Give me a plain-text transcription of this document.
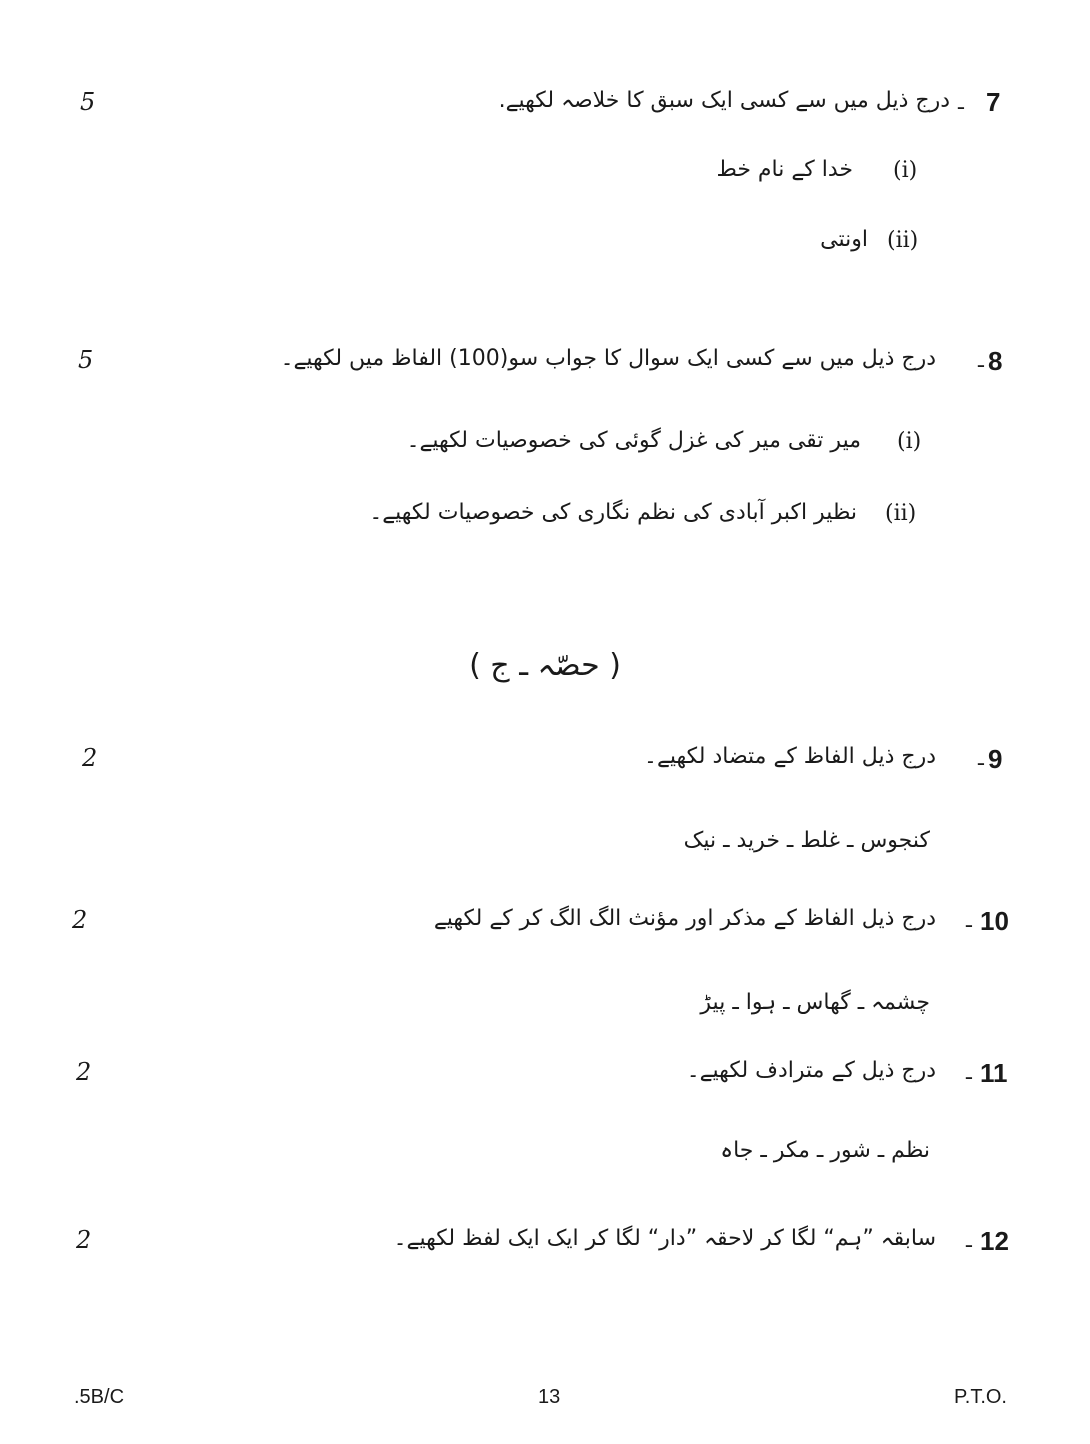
5	7
ـ
درج ذیل میں سے کسی ایک سبق کا خلاصہ لکھیے.
(i)
خدا کے نام خط
(ii)
اونتی
5	8
ـ
درج ذیل میں سے کسی ایک سوال کا جواب سو(100) الفاظ میں لکھیے۔
(i)
میر تقی میر کی غزل گوئی کی خصوصیات لکھیے۔
(ii)
نظیر اکبر آبادی کی نظم نگاری کی خصوصیات لکھیے۔
( حصّہ ـ ج )
2	9
ـ
درج ذیل الفاظ کے متضاد لکھیے۔
کنجوس ـ غلط ـ خرید ـ نیک
2	10
ـ
درج ذیل الفاظ کے مذکر اور مؤنث الگ الگ کر کے لکھیے
چشمہ ـ گھاس ـ ہوا ـ پیڑ
2	11
ـ
درج ذیل کے مترادف لکھیے۔
نظم ـ شور ـ مکر ـ جاہ
2	12
ـ
سابقہ ”ہم“ لگا کر لاحقہ ”دار“ لگا کر ایک ایک لفظ لکھیے۔
.5B/C	13	P.T.O.
